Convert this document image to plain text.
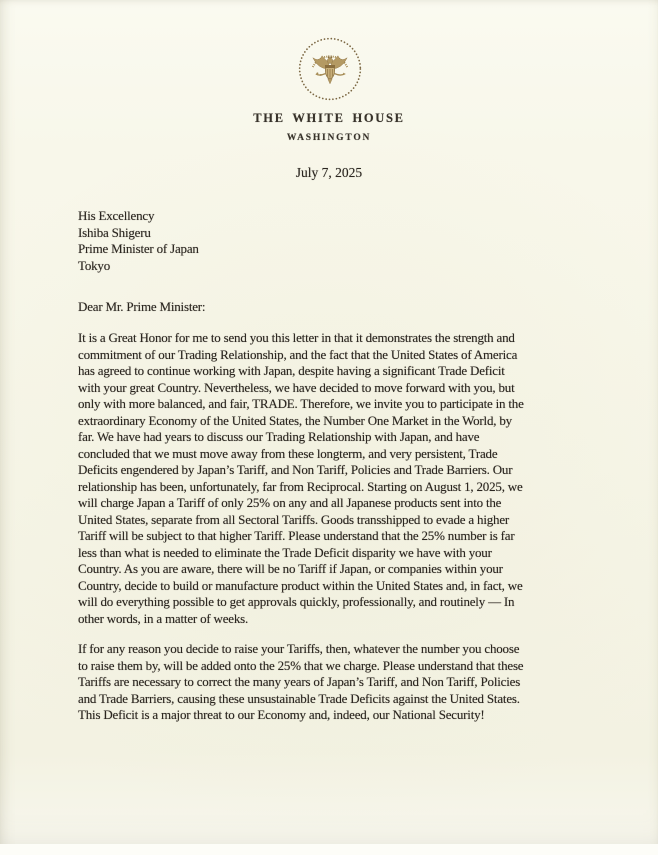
THE WHITE HOUSE
WASHINGTON
July 7, 2025
His Excellency
Ishiba Shigeru
Prime Minister of Japan
Tokyo
Dear Mr. Prime Minister:
It is a Great Honor for me to send you this letter in that it demonstrates the strength and
commitment of our Trading Relationship, and the fact that the United States of America
has agreed to continue working with Japan, despite having a significant Trade Deficit
with your great Country. Nevertheless, we have decided to move forward with you, but
only with more balanced, and fair, TRADE. Therefore, we invite you to participate in the
extraordinary Economy of the United States, the Number One Market in the World, by
far. We have had years to discuss our Trading Relationship with Japan, and have
concluded that we must move away from these longterm, and very persistent, Trade
Deficits engendered by Japan’s Tariff, and Non Tariff, Policies and Trade Barriers. Our
relationship has been, unfortunately, far from Reciprocal. Starting on August 1, 2025, we
will charge Japan a Tariff of only 25% on any and all Japanese products sent into the
United States, separate from all Sectoral Tariffs. Goods transshipped to evade a higher
Tariff will be subject to that higher Tariff. Please understand that the 25% number is far
less than what is needed to eliminate the Trade Deficit disparity we have with your
Country. As you are aware, there will be no Tariff if Japan, or companies within your
Country, decide to build or manufacture product within the United States and, in fact, we
will do everything possible to get approvals quickly, professionally, and routinely — In
other words, in a matter of weeks.
If for any reason you decide to raise your Tariffs, then, whatever the number you choose
to raise them by, will be added onto the 25% that we charge. Please understand that these
Tariffs are necessary to correct the many years of Japan’s Tariff, and Non Tariff, Policies
and Trade Barriers, causing these unsustainable Trade Deficits against the United States.
This Deficit is a major threat to our Economy and, indeed, our National Security!
